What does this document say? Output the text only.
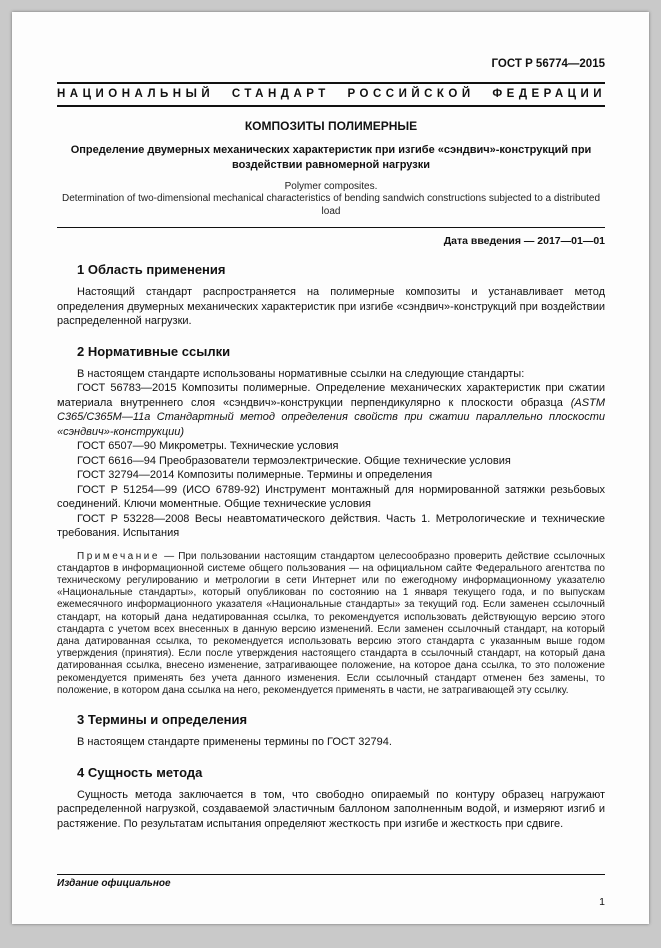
ГОСТ Р 56774—2015
НАЦИОНАЛЬНЫЙ СТАНДАРТ РОССИЙСКОЙ ФЕДЕРАЦИИ
КОМПОЗИТЫ ПОЛИМЕРНЫЕ
Определение двумерных механических характеристик при изгибе «сэндвич»-конструкций при воздействии равномерной нагрузки
Polymer composites.
Determination of two-dimensional mechanical characteristics of bending sandwich constructions subjected to a distributed load
Дата введения — 2017—01—01
1 Область применения

Настоящий стандарт распространяется на полимерные композиты и устанавливает метод определения двумерных механических характеристик при изгибе «сэндвич»-конструкций при воздействии распределенной нагрузки.

2 Нормативные ссылки

В настоящем стандарте использованы нормативные ссылки на следующие стандарты:

ГОСТ 56783—2015 Композиты полимерные. Определение механических характеристик при сжатии материала внутреннего слоя «сэндвич»-конструкции перпендикулярно к плоскости образца (ASTM C365/C365M—11a Стандартный метод определения свойств при сжатии параллельно плоскости «сэндвич»-конструкции)

ГОСТ 6507—90 Микрометры. Технические условия

ГОСТ 6616—94 Преобразователи термоэлектрические. Общие технические условия

ГОСТ 32794—2014 Композиты полимерные. Термины и определения

ГОСТ Р 51254—99 (ИСО 6789-92) Инструмент монтажный для нормированной затяжки резьбовых соединений. Ключи моментные. Общие технические условия

ГОСТ Р 53228—2008 Весы неавтоматического действия. Часть 1. Метрологические и технические требования. Испытания

Примечание — При пользовании настоящим стандартом целесообразно проверить действие ссылочных стандартов в информационной системе общего пользования — на официальном сайте Федерального агентства по техническому регулированию и метрологии в сети Интернет или по ежегодному информационному указателю «Национальные стандарты», который опубликован по состоянию на 1 января текущего года, и по выпускам ежемесячного информационного указателя «Национальные стандарты» за текущий год. Если заменен ссылочный стандарт, на который дана недатированная ссылка, то рекомендуется использовать действующую версию этого стандарта с учетом всех внесенных в данную версию изменений. Если заменен ссылочный стандарт, на который дана датированная ссылка, то рекомендуется использовать версию этого стандарта с указанным выше годом утверждения (принятия). Если после утверждения настоящего стандарта в ссылочный стандарт, на который дана датированная ссылка, внесено изменение, затрагивающее положение, на которое дана ссылка, то это положение рекомендуется применять без учета данного изменения. Если ссылочный стандарт отменен без замены, то положение, в котором дана ссылка на него, рекомендуется применять в части, не затрагивающей эту ссылку.

3 Термины и определения

В настоящем стандарте применены термины по ГОСТ 32794.

4 Сущность метода

Сущность метода заключается в том, что свободно опираемый по контуру образец нагружают распределенной нагрузкой, создаваемой эластичным баллоном заполненным водой, и измеряют изгиб и растяжение. По результатам испытания определяют жесткость при изгибе и жесткость при сдвиге.

Издание официальное
1
